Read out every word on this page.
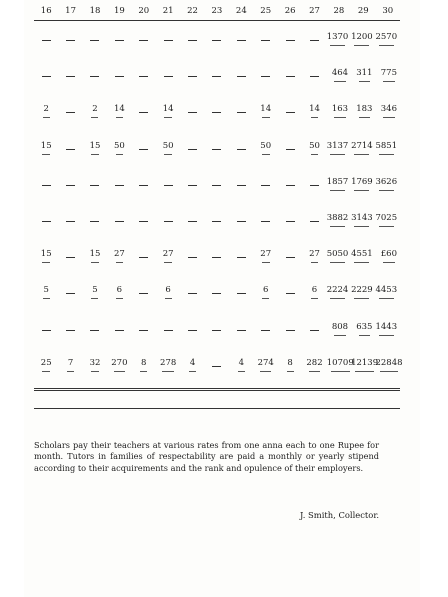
16	17	18	19	20	21	22	23	24	25	26	27	28	29	30
												1370	1200	2570
												464	311	775
2		2	14		14				14		14	163	183	346
15		15	50		50				50		50	3137	2714	5851
												1857	1769	3626
												3882	3143	7025
15		15	27		27				27		27	5050	4551	£60
5		5	6		6				6		6	2224	2229	4453
												808	635	1443
25	7	32	270	8	278	4		4	274	8	282	10709	12139	22848

Scholars pay their teachers at various rates from one anna each to one Rupee for month. Tutors in families of respectability are paid a monthly or yearly stipend according to their acquirements and the rank and opulence of their employers.

J. Smith, Collector.
